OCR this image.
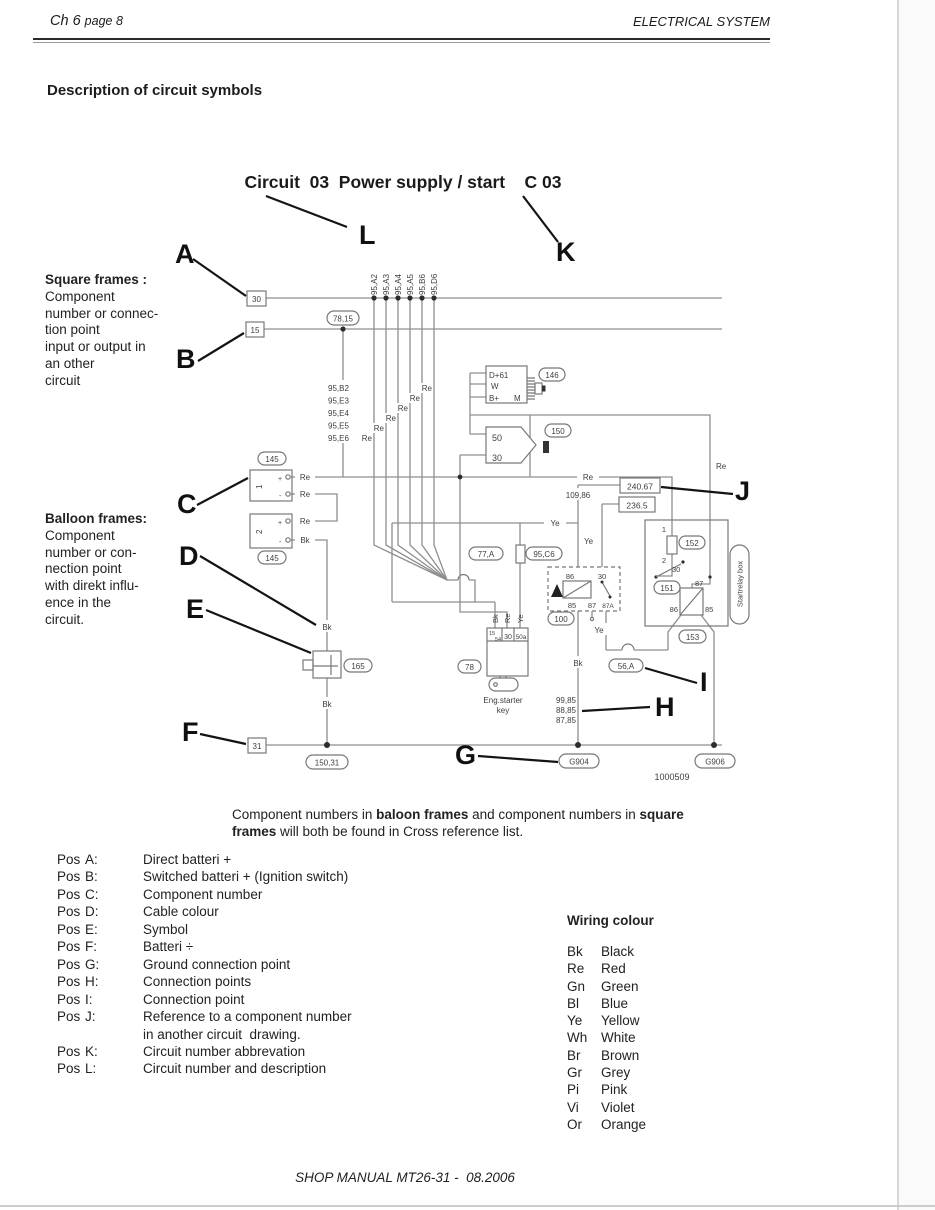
Ch 6 page 8	ELECTRICAL SYSTEM
Description of circuit symbols
Circuit  03  Power supply / start    C 03
Square frames :
Component
number or connec-
tion point
input or output in
an other
circuit
Balloon frames:
Component
number or con-
nection point
with direkt influ-
ence in the
circuit.
95,A2 95,A3 95,A4 95,A5 95,B6 95,D6
95,B2
95,E3
95,E4
95,E5
95,E6
Re
Re
Re
Re
Re
Re
145
1
+
-
2
+
-
145
Re
Re
Re
Bk
Bk
165
Bk
D+61
W
B+ M
146
50
30
150
78,15
30
15
31
240.67
236.5
Re
Re
109,86
Ye
Ye
77,A	95,C6
86	30
85 87 87A
100
Ye
Bk	56,A
99,85
88,85
87,85
1
2
152
30
151
87
86	85
153
Startrelay box
Bk Re Ye
15
54 30 50a
78
Eng.starter
key
150,31	G904	G906
1000509
A
B
C
D
E
F
G
H
I
J
K
L
Component numbers in baloon frames and component numbers in square
frames will both be found in Cross reference list.
Pos A:	Direct batteri +
Pos B:	Switched batteri + (Ignition switch)
Pos C:	Component number
Pos D:	Cable colour
Pos E:	Symbol
Pos F:	Batteri ÷
Pos G:	Ground connection point
Pos H:	Connection points
Pos I:	Connection point
Pos J:	Reference to a component number
in another circuit  drawing.
Pos K:	Circuit number abbrevation
Pos L:	Circuit number and description
Wiring colour
Bk	Black
Re	Red
Gn	Green
Bl	Blue
Ye	Yellow
Wh	White
Br	Brown
Gr	Grey
Pi	Pink
Vi	Violet
Or	Orange
SHOP MANUAL MT26-31 -  08.2006
